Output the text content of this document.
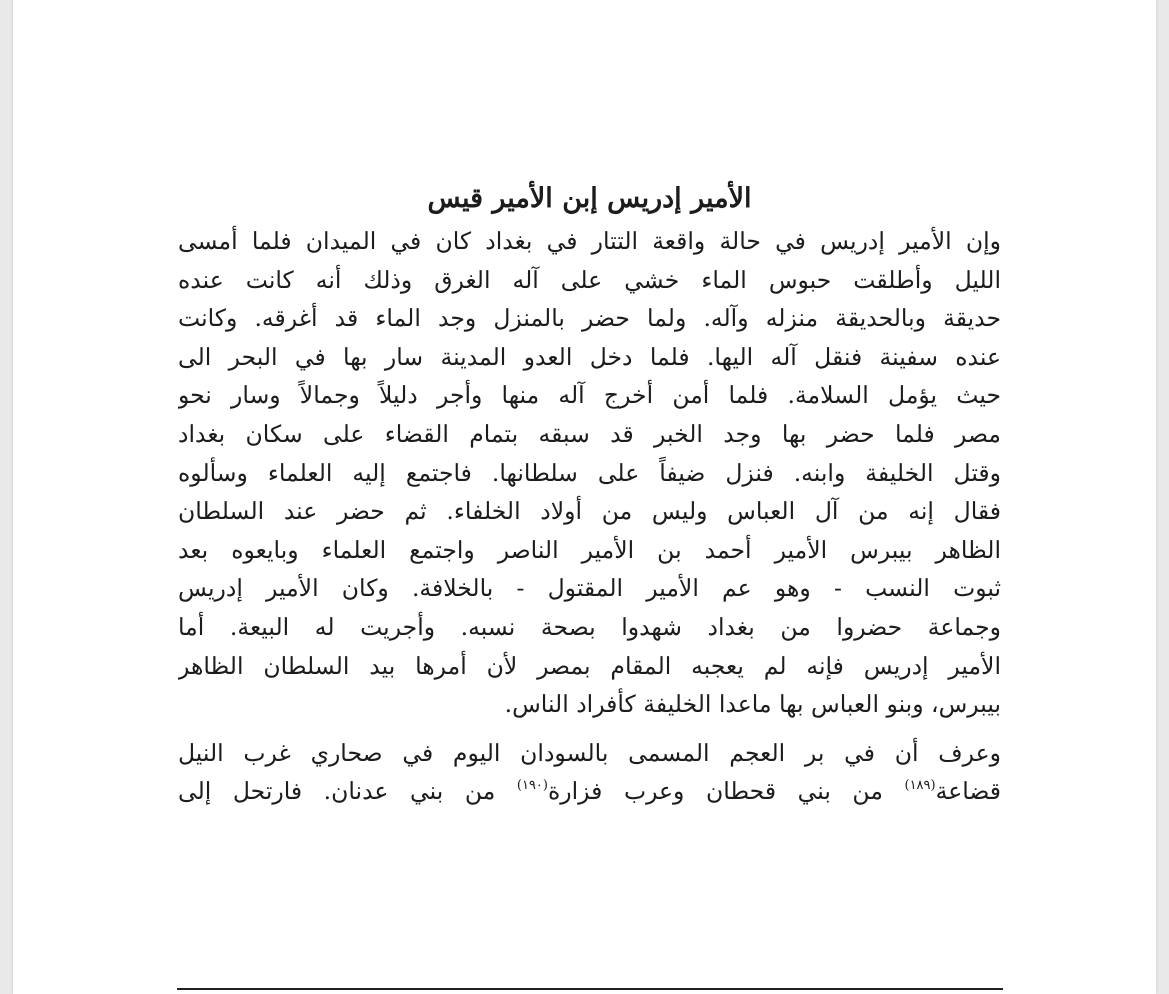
الأمير إدريس إبن الأمير قيس
وإن الأمير إدريس في حالة واقعة التتار في بغداد كان في الميدان فلما أمسى
الليل وأطلقت حبوس الماء خشي على آله الغرق وذلك أنه كانت عنده
حديقة وبالحديقة منزله وآله. ولما حضر بالمنزل وجد الماء قد أغرقه. وكانت
عنده سفينة فنقل آله اليها. فلما دخل العدو المدينة سار بها في البحر الى
حيث يؤمل السلامة. فلما أمن أخرج آله منها وأجر دليلاً وجمالاً وسار نحو
مصر فلما حضر بها وجد الخبر قد سبقه بتمام القضاء على سكان بغداد
وقتل الخليفة وابنه. فنزل ضيفاً على سلطانها. فاجتمع إليه العلماء وسألوه
فقال إنه من آل العباس وليس من أولاد الخلفاء. ثم حضر عند السلطان
الظاهر بيبرس الأمير أحمد بن الأمير الناصر واجتمع العلماء وبايعوه بعد
ثبوت النسب - وهو عم الأمير المقتول - بالخلافة. وكان الأمير إدريس
وجماعة حضروا من بغداد شهدوا بصحة نسبه. وأجريت له البيعة. أما
الأمير إدريس فإنه لم يعجبه المقام بمصر لأن أمرها بيد السلطان الظاهر
بيبرس، وبنو العباس بها ماعدا الخليفة كأفراد الناس.
وعرف أن في بر العجم المسمى بالسودان اليوم في صحاري غرب النيل
قضاعة$^{(١٨٩)}$ من بني قحطان وعرب فزارة$^{(١٩٠)}$ من بني عدنان. فارتحل إلى
